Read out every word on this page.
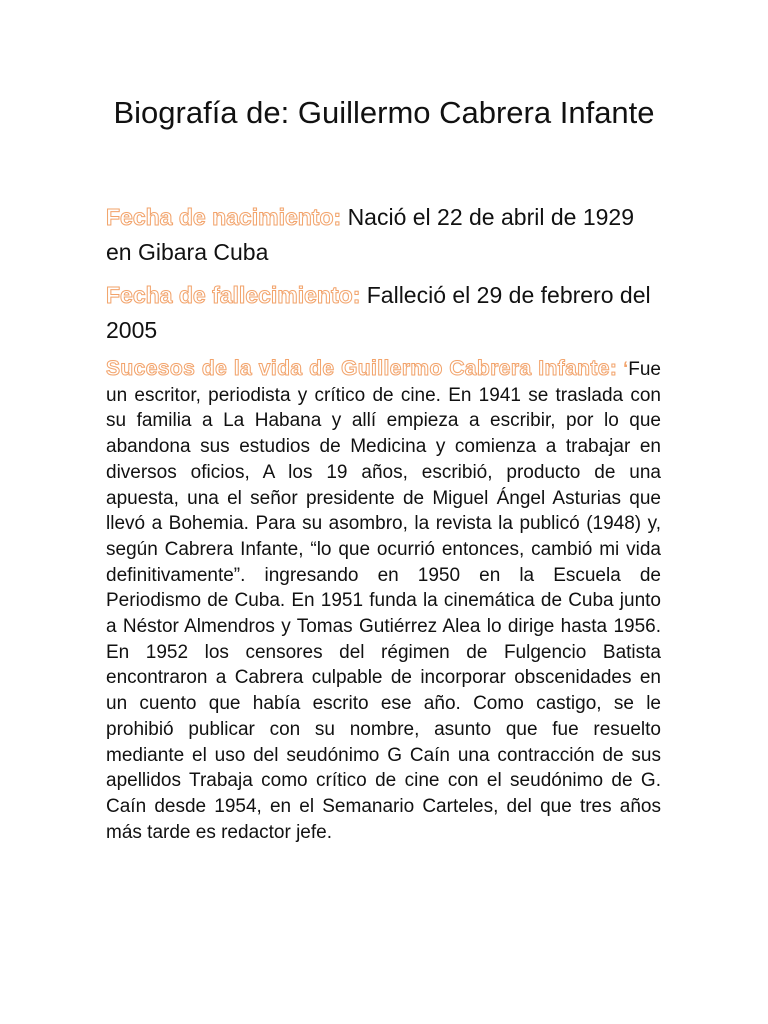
Biografía de: Guillermo Cabrera Infante

Fecha de nacimiento: Nació el 22 de abril de 1929 en Gibara Cuba

Fecha de fallecimiento: Falleció el 29 de febrero del 2005

Sucesos de la vida de Guillermo Cabrera Infante: ‘Fue un escritor, periodista y crítico de cine. En 1941 se traslada con su familia a La Habana y allí empieza a escribir, por lo que abandona sus estudios de Medicina y comienza a trabajar en diversos oficios, A los 19 años, escribió, producto de una apuesta, una el señor presidente de Miguel Ángel Asturias que llevó a Bohemia. Para su asombro, la revista la publicó (1948) y, según Cabrera Infante, “lo que ocurrió entonces, cambió mi vida definitivamente”. ingresando en 1950 en la Escuela de Periodismo de Cuba. En 1951 funda la cinemática de Cuba junto a Néstor Almendros y Tomas Gutiérrez Alea lo dirige hasta 1956. En 1952 los censores del régimen de Fulgencio Batista encontraron a Cabrera culpable de incorporar obscenidades en un cuento que había escrito ese año. Como castigo, se le prohibió publicar con su nombre, asunto que fue resuelto mediante el uso del seudónimo G Caín una contracción de sus apellidos Trabaja como crítico de cine con el seudónimo de G. Caín desde 1954, en el Semanario Carteles, del que tres años más tarde es redactor jefe.
